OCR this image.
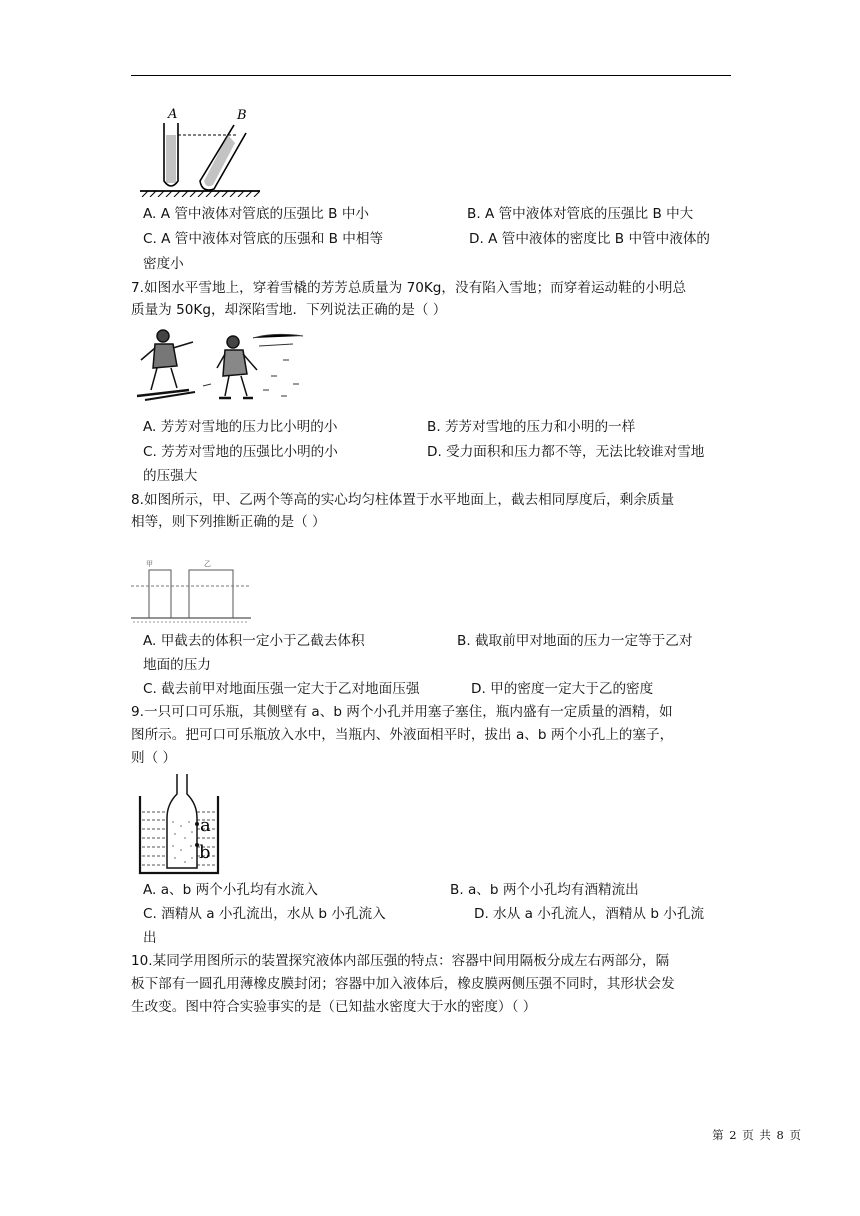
A	B
A. A 管中液体对管底的压强比 B 中小	B. A 管中液体对管底的压强比 B 中大
C. A 管中液体对管底的压强和 B 中相等	D. A 管中液体的密度比 B 中管中液体的
密度小
7.如图水平雪地上，穿着雪橇的芳芳总质量为 70Kg，没有陷入雪地；而穿着运动鞋的小明总
质量为 50Kg，却深陷雪地．下列说法正确的是（ ）
A. 芳芳对雪地的压力比小明的小	B. 芳芳对雪地的压力和小明的一样
C. 芳芳对雪地的压强比小明的小	D. 受力面积和压力都不等，无法比较谁对雪地
的压强大
8.如图所示，甲、乙两个等高的实心均匀柱体置于水平地面上，截去相同厚度后，剩余质量
相等，则下列推断正确的是（ ）
甲	乙
A. 甲截去的体积一定小于乙截去体积	B. 截取前甲对地面的压力一定等于乙对
地面的压力
C. 截去前甲对地面压强一定大于乙对地面压强	D. 甲的密度一定大于乙的密度
9.一只可口可乐瓶，其侧壁有 a、b 两个小孔并用塞子塞住，瓶内盛有一定质量的酒精，如
图所示。把可口可乐瓶放入水中，当瓶内、外液面相平时，拔出 a、b 两个小孔上的塞子，
则（ ）
a
b
A. a、b 两个小孔均有水流入	B. a、b 两个小孔均有酒精流出
C. 酒精从 a 小孔流出，水从 b 小孔流入	D. 水从 a 小孔流人，酒精从 b 小孔流
出
10.某同学用图所示的装置探究液体内部压强的特点：容器中间用隔板分成左右两部分，隔
板下部有一圆孔用薄橡皮膜封闭；容器中加入液体后，橡皮膜两侧压强不同时，其形状会发
生改变。图中符合实验事实的是（已知盐水密度大于水的密度）（ ）
第 2 页 共 8 页
